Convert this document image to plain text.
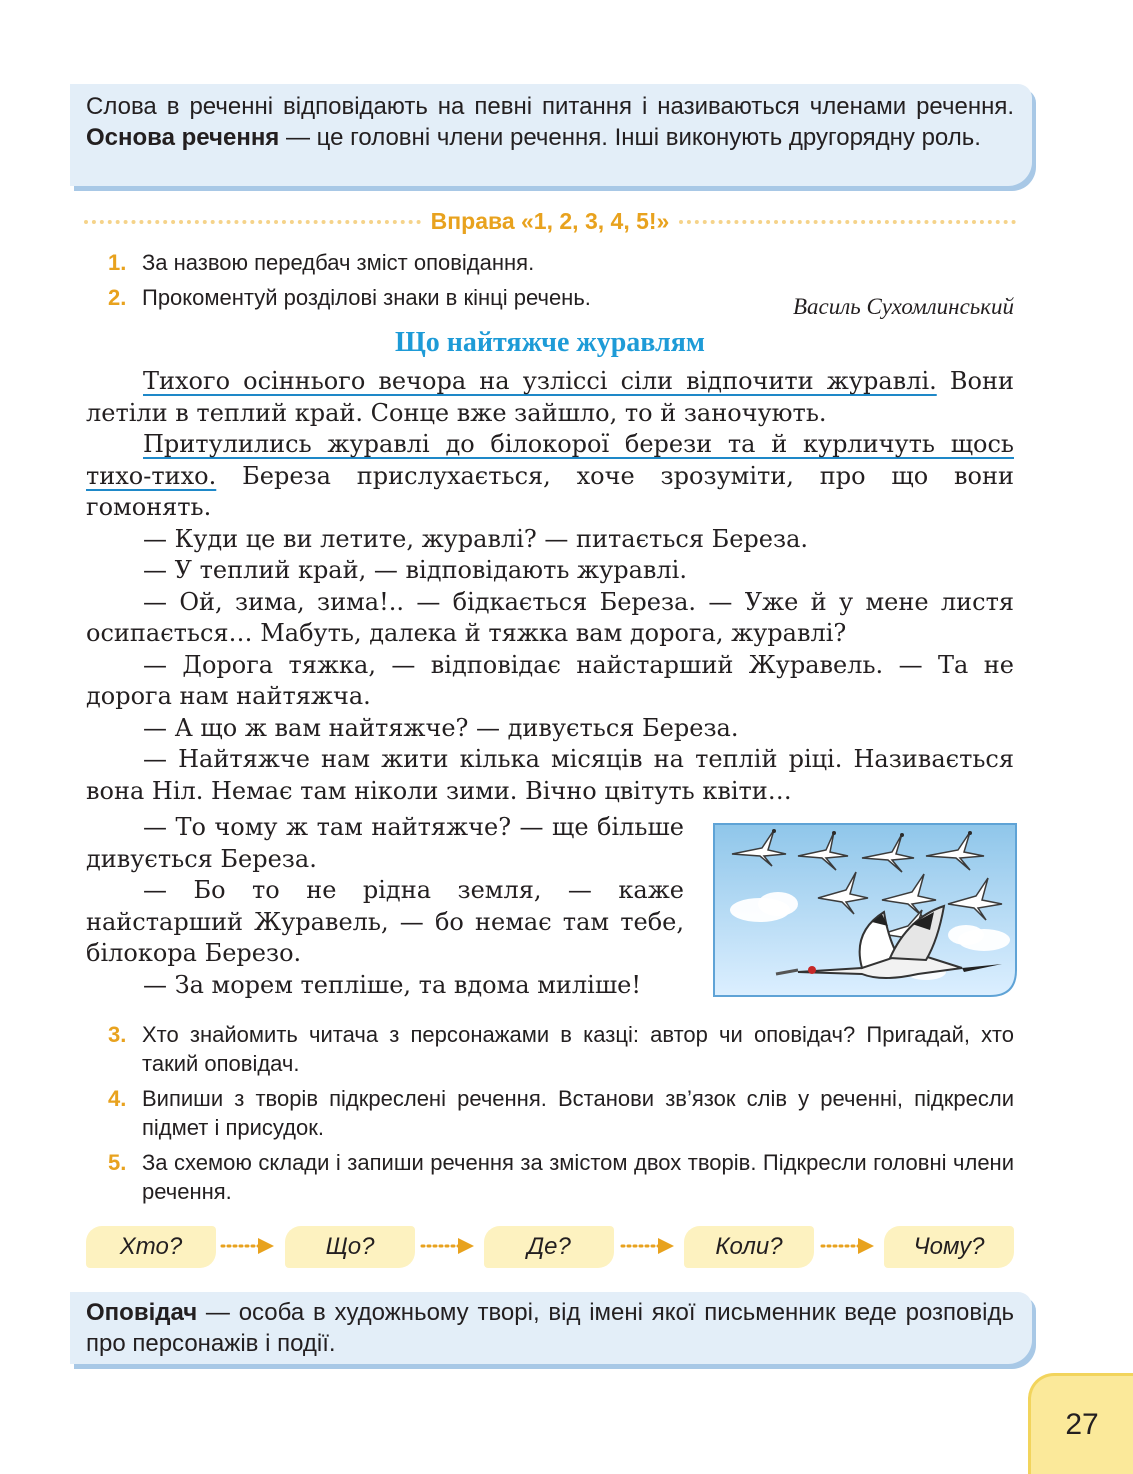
Слова в реченні відповідають на певні питання і називаються членами речення. Основа речення — це головні члени речення. Інші виконують другорядну роль.
Вправа «1, 2, 3, 4, 5!»
1. За назвою передбач зміст оповідання.
2. Прокоментуй розділові знаки в кінці речень.	Василь Сухомлинський
Що найтяжче журавлям

Тихого осіннього вечора на узліссі сіли відпочити журавлі. Вони летіли в теплий край. Сонце вже зайшло, то й заночують.

Притулились журавлі до білокорої берези та й курличуть щось тихо-тихо. Береза прислухається, хоче зрозуміти, про що вони гомонять.

— Куди це ви летите, журавлі? — питається Береза.

— У теплий край, — відповідають журавлі.

— Ой, зима, зима!.. — бідкається Береза. — Уже й у мене листя осипається… Мабуть, далека й тяжка вам дорога, журавлі?

— Дорога тяжка, — відповідає найстарший Журавель. — Та не дорога нам найтяжча.

— А що ж вам найтяжче? — дивується Береза.

— Найтяжче нам жити кілька місяців на теплій ріці. Називається вона Ніл. Немає там ніколи зими. Вічно цвітуть квіти…

— То чому ж там найтяжче? — ще більше дивується Береза.

— Бо то не рідна земля, — каже найстарший Журавель, — бо немає там тебе, білокора Березо.

— За морем тепліше, та вдома миліше!

3. Хто знайомить читача з персонажами в казці: автор чи оповідач? Пригадай, хто такий оповідач.
4. Випиши з творів підкреслені речення. Встанови зв’язок слів у реченні, підкресли підмет і присудок.
5. За схемою склади і запиши речення за змістом двох творів. Підкресли головні члени речення.
Хто?	Що?	Де?	Коли?	Чому?
Оповідач — особа в художньому творі, від імені якої письменник веде розповідь про персонажів і події.
27
